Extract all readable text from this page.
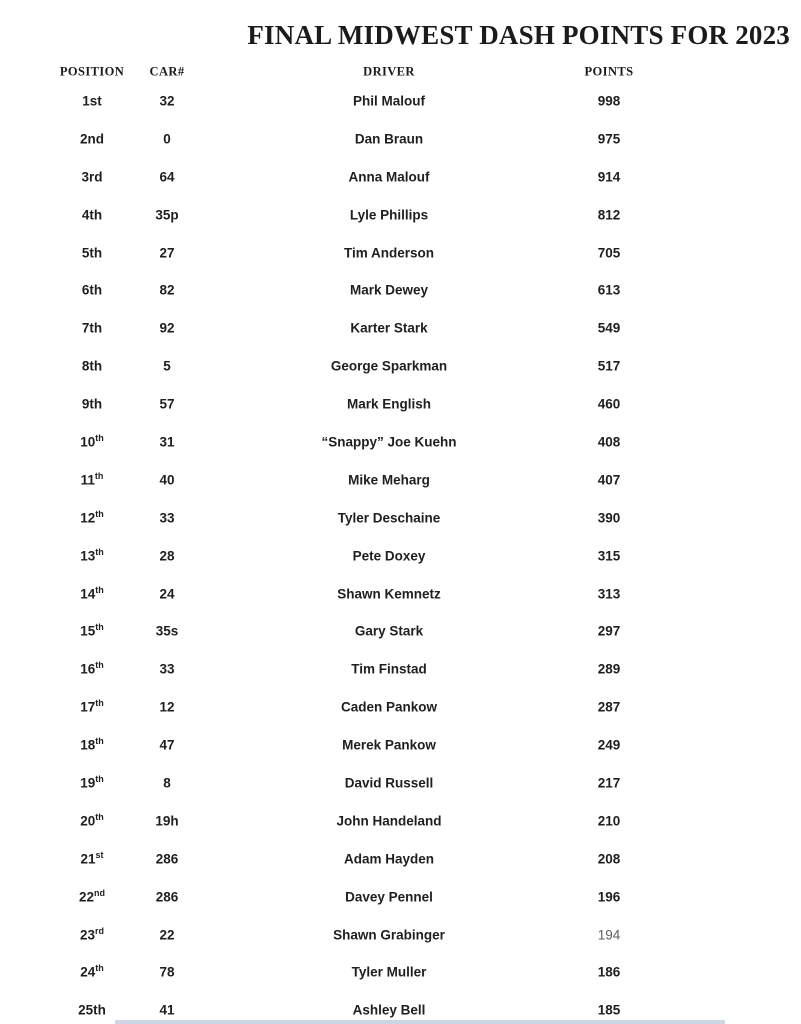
FINAL MIDWEST DASH POINTS FOR 2023
POSITION	CAR#	DRIVER	POINTS
1st	32	Phil Malouf	998
2nd	0	Dan Braun	975
3rd	64	Anna Malouf	914
4th	35p	Lyle Phillips	812
5th	27	Tim Anderson	705
6th	82	Mark Dewey	613
7th	92	Karter Stark	549
8th	5	George Sparkman	517
9th	57	Mark English	460
10th	31	“Snappy” Joe Kuehn	408
11th	40	Mike Meharg	407
12th	33	Tyler Deschaine	390
13th	28	Pete Doxey	315
14th	24	Shawn Kemnetz	313
15th	35s	Gary Stark	297
16th	33	Tim Finstad	289
17th	12	Caden Pankow	287
18th	47	Merek Pankow	249
19th	8	David Russell	217
20th	19h	John Handeland	210
21st	286	Adam Hayden	208
22nd	286	Davey Pennel	196
23rd	22	Shawn Grabinger	194
24th	78	Tyler Muller	186
25th	41	Ashley Bell	185
